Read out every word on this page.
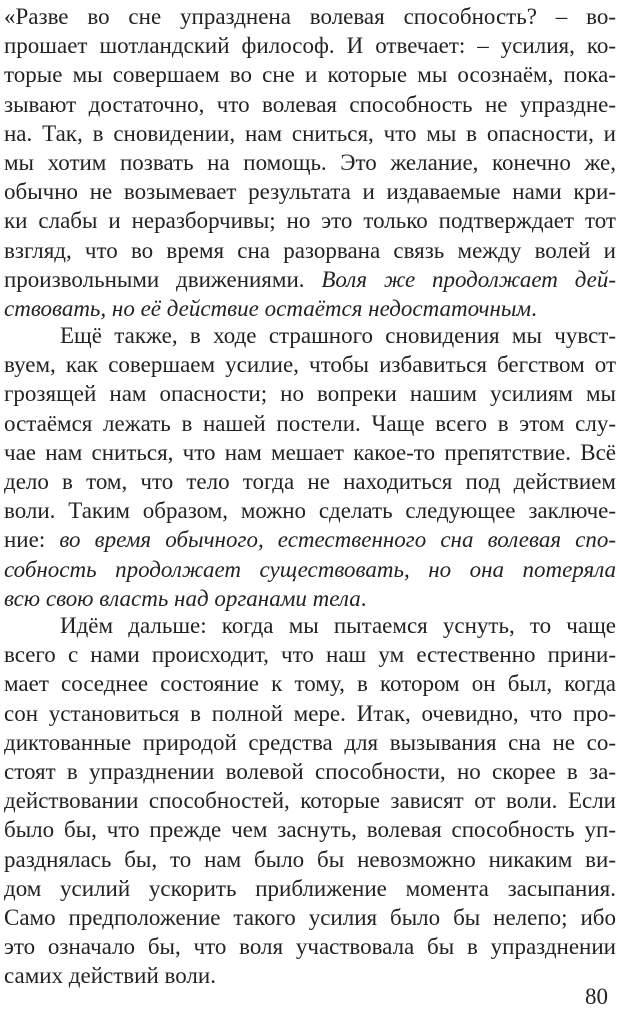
«Разве во сне упразднена волевая способность? – во-
прошает шотландский философ. И отвечает: – усилия, ко-
торые мы совершаем во сне и которые мы осознаём, пока-
зывают достаточно, что волевая способность не упраздне-
на. Так, в сновидении, нам сниться, что мы в опасности, и
мы хотим позвать на помощь. Это желание, конечно же,
обычно не возымевает результата и издаваемые нами кри-
ки слабы и неразборчивы; но это только подтверждает тот
взгляд, что во время сна разорвана связь между волей и
произвольными движениями. Воля же продолжает дей-
ствовать, но её действие остаётся недостаточным.
Ещё также, в ходе страшного сновидения мы чувст-
вуем, как совершаем усилие, чтобы избавиться бегством от
грозящей нам опасности; но вопреки нашим усилиям мы
остаёмся лежать в нашей постели. Чаще всего в этом слу-
чае нам сниться, что нам мешает какое-то препятствие. Всё
дело в том, что тело тогда не находиться под действием
воли. Таким образом, можно сделать следующее заключе-
ние: во время обычного, естественного сна волевая спо-
собность продолжает существовать, но она потеряла
всю свою власть над органами тела.
Идём дальше: когда мы пытаемся уснуть, то чаще
всего с нами происходит, что наш ум естественно прини-
мает соседнее состояние к тому, в котором он был, когда
сон установиться в полной мере. Итак, очевидно, что про-
диктованные природой средства для вызывания сна не со-
стоят в упразднении волевой способности, но скорее в за-
действовании способностей, которые зависят от воли. Если
было бы, что прежде чем заснуть, волевая способность уп-
разднялась бы, то нам было бы невозможно никаким ви-
дом усилий ускорить приближение момента засыпания.
Само предположение такого усилия было бы нелепо; ибо
это означало бы, что воля участвовала бы в упразднении
самих действий воли.
80
